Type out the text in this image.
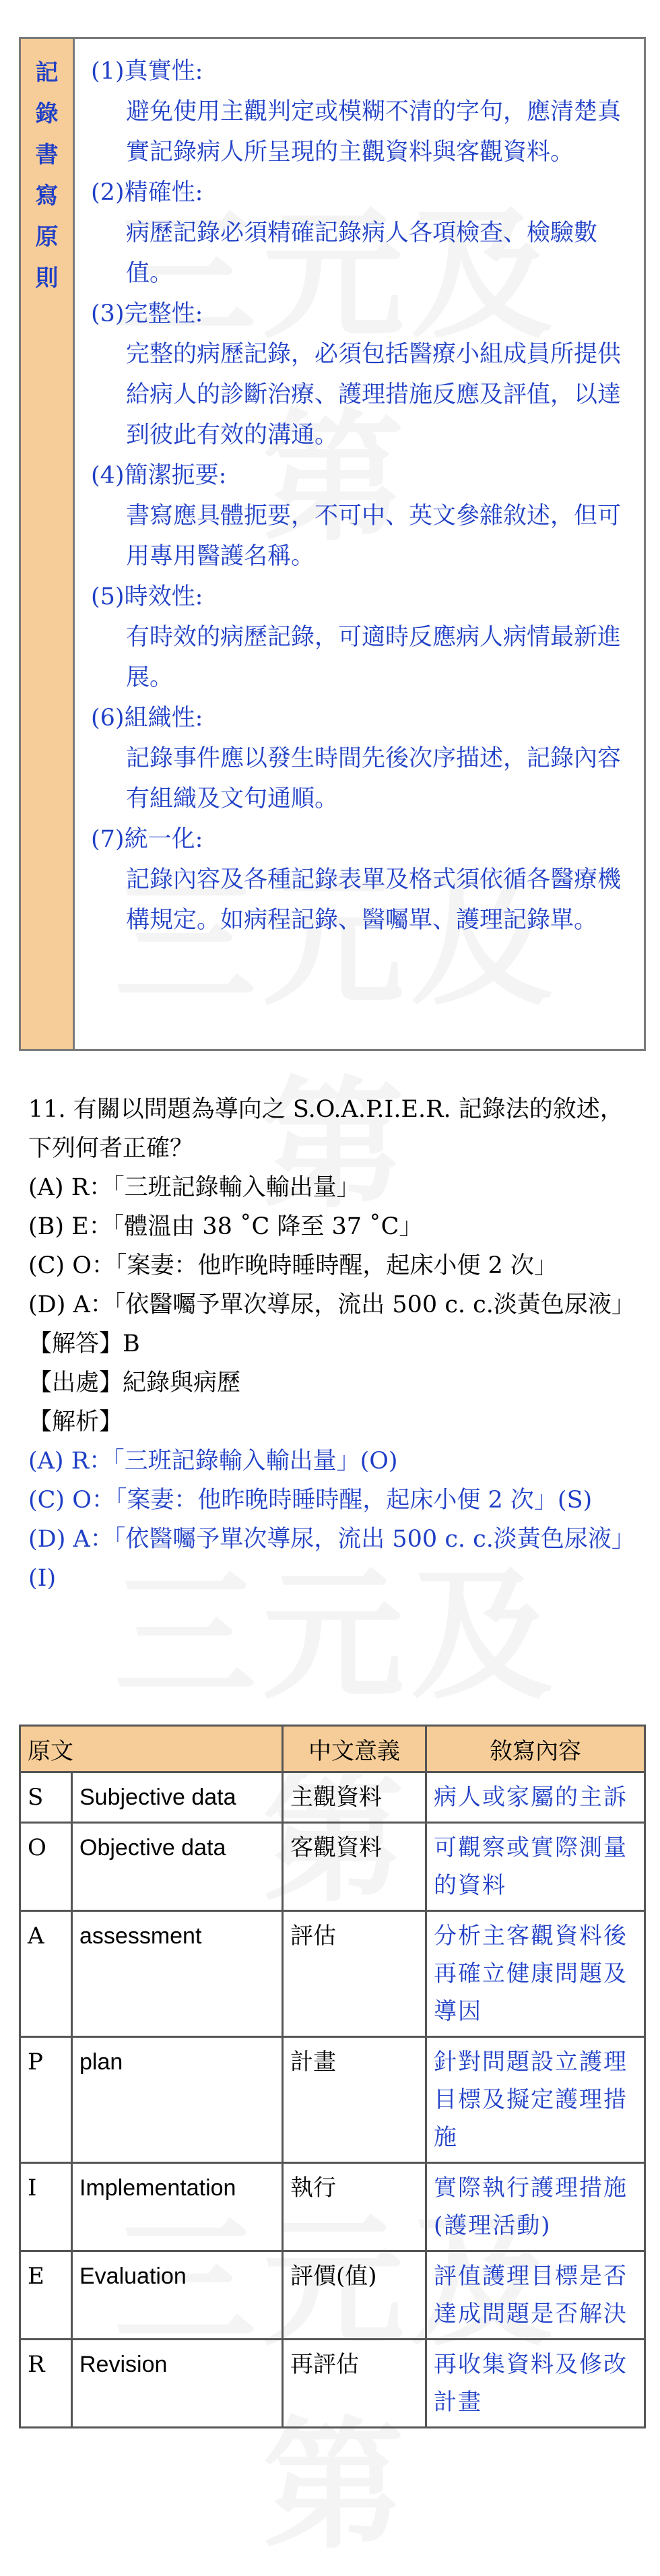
記
錄
書
寫
原
則
(1)真實性:
避免使用主觀判定或模糊不清的字句，應清楚真實記錄病人所呈現的主觀資料與客觀資料。
(2)精確性:
病歷記錄必須精確記錄病人各項檢查、檢驗數值。
(3)完整性:
完整的病歷記錄，必須包括醫療小組成員所提供給病人的診斷治療、護理措施反應及評值，以達到彼此有效的溝通。
(4)簡潔扼要:
書寫應具體扼要，不可中、英文參雜敘述，但可用專用醫護名稱。
(5)時效性:
有時效的病歷記錄，可適時反應病人病情最新進展。
(6)組織性:
記錄事件應以發生時間先後次序描述，記錄內容有組織及文句通順。
(7)統一化:
記錄內容及各種記錄表單及格式須依循各醫療機構規定。如病程記錄、醫囑單、護理記錄單。
11. 有關以問題為導向之 S.O.A.P.I.E.R. 記錄法的敘述，下列何者正確？
(A) R：「三班記錄輸入輸出量」
(B) E：「體溫由 38 ˚C 降至 37 ˚C」
(C) O：「案妻：他昨晚時睡時醒，起床小便 2 次」
(D) A：「依醫囑予單次導尿，流出 500 c. c.淡黃色尿液」
【解答】B
【出處】紀錄與病歷
【解析】
(A) R：「三班記錄輸入輸出量」(O)
(C) O：「案妻：他昨晚時睡時醒，起床小便 2 次」(S)
(D) A：「依醫囑予單次導尿，流出 500 c. c.淡黃色尿液」(I)
原文		中文意義	敘寫內容
S	Subjective data	主觀資料	病人或家屬的主訴
O	Objective data	客觀資料	可觀察或實際測量的資料
A	assessment	評估	分析主客觀資料後再確立健康問題及導因
P	plan	計畫	針對問題設立護理目標及擬定護理措施
I	Implementation	執行	實際執行護理措施(護理活動)
E	Evaluation	評價(值)	評值護理目標是否達成問題是否解決
R	Revision	再評估	再收集資料及修改計畫
